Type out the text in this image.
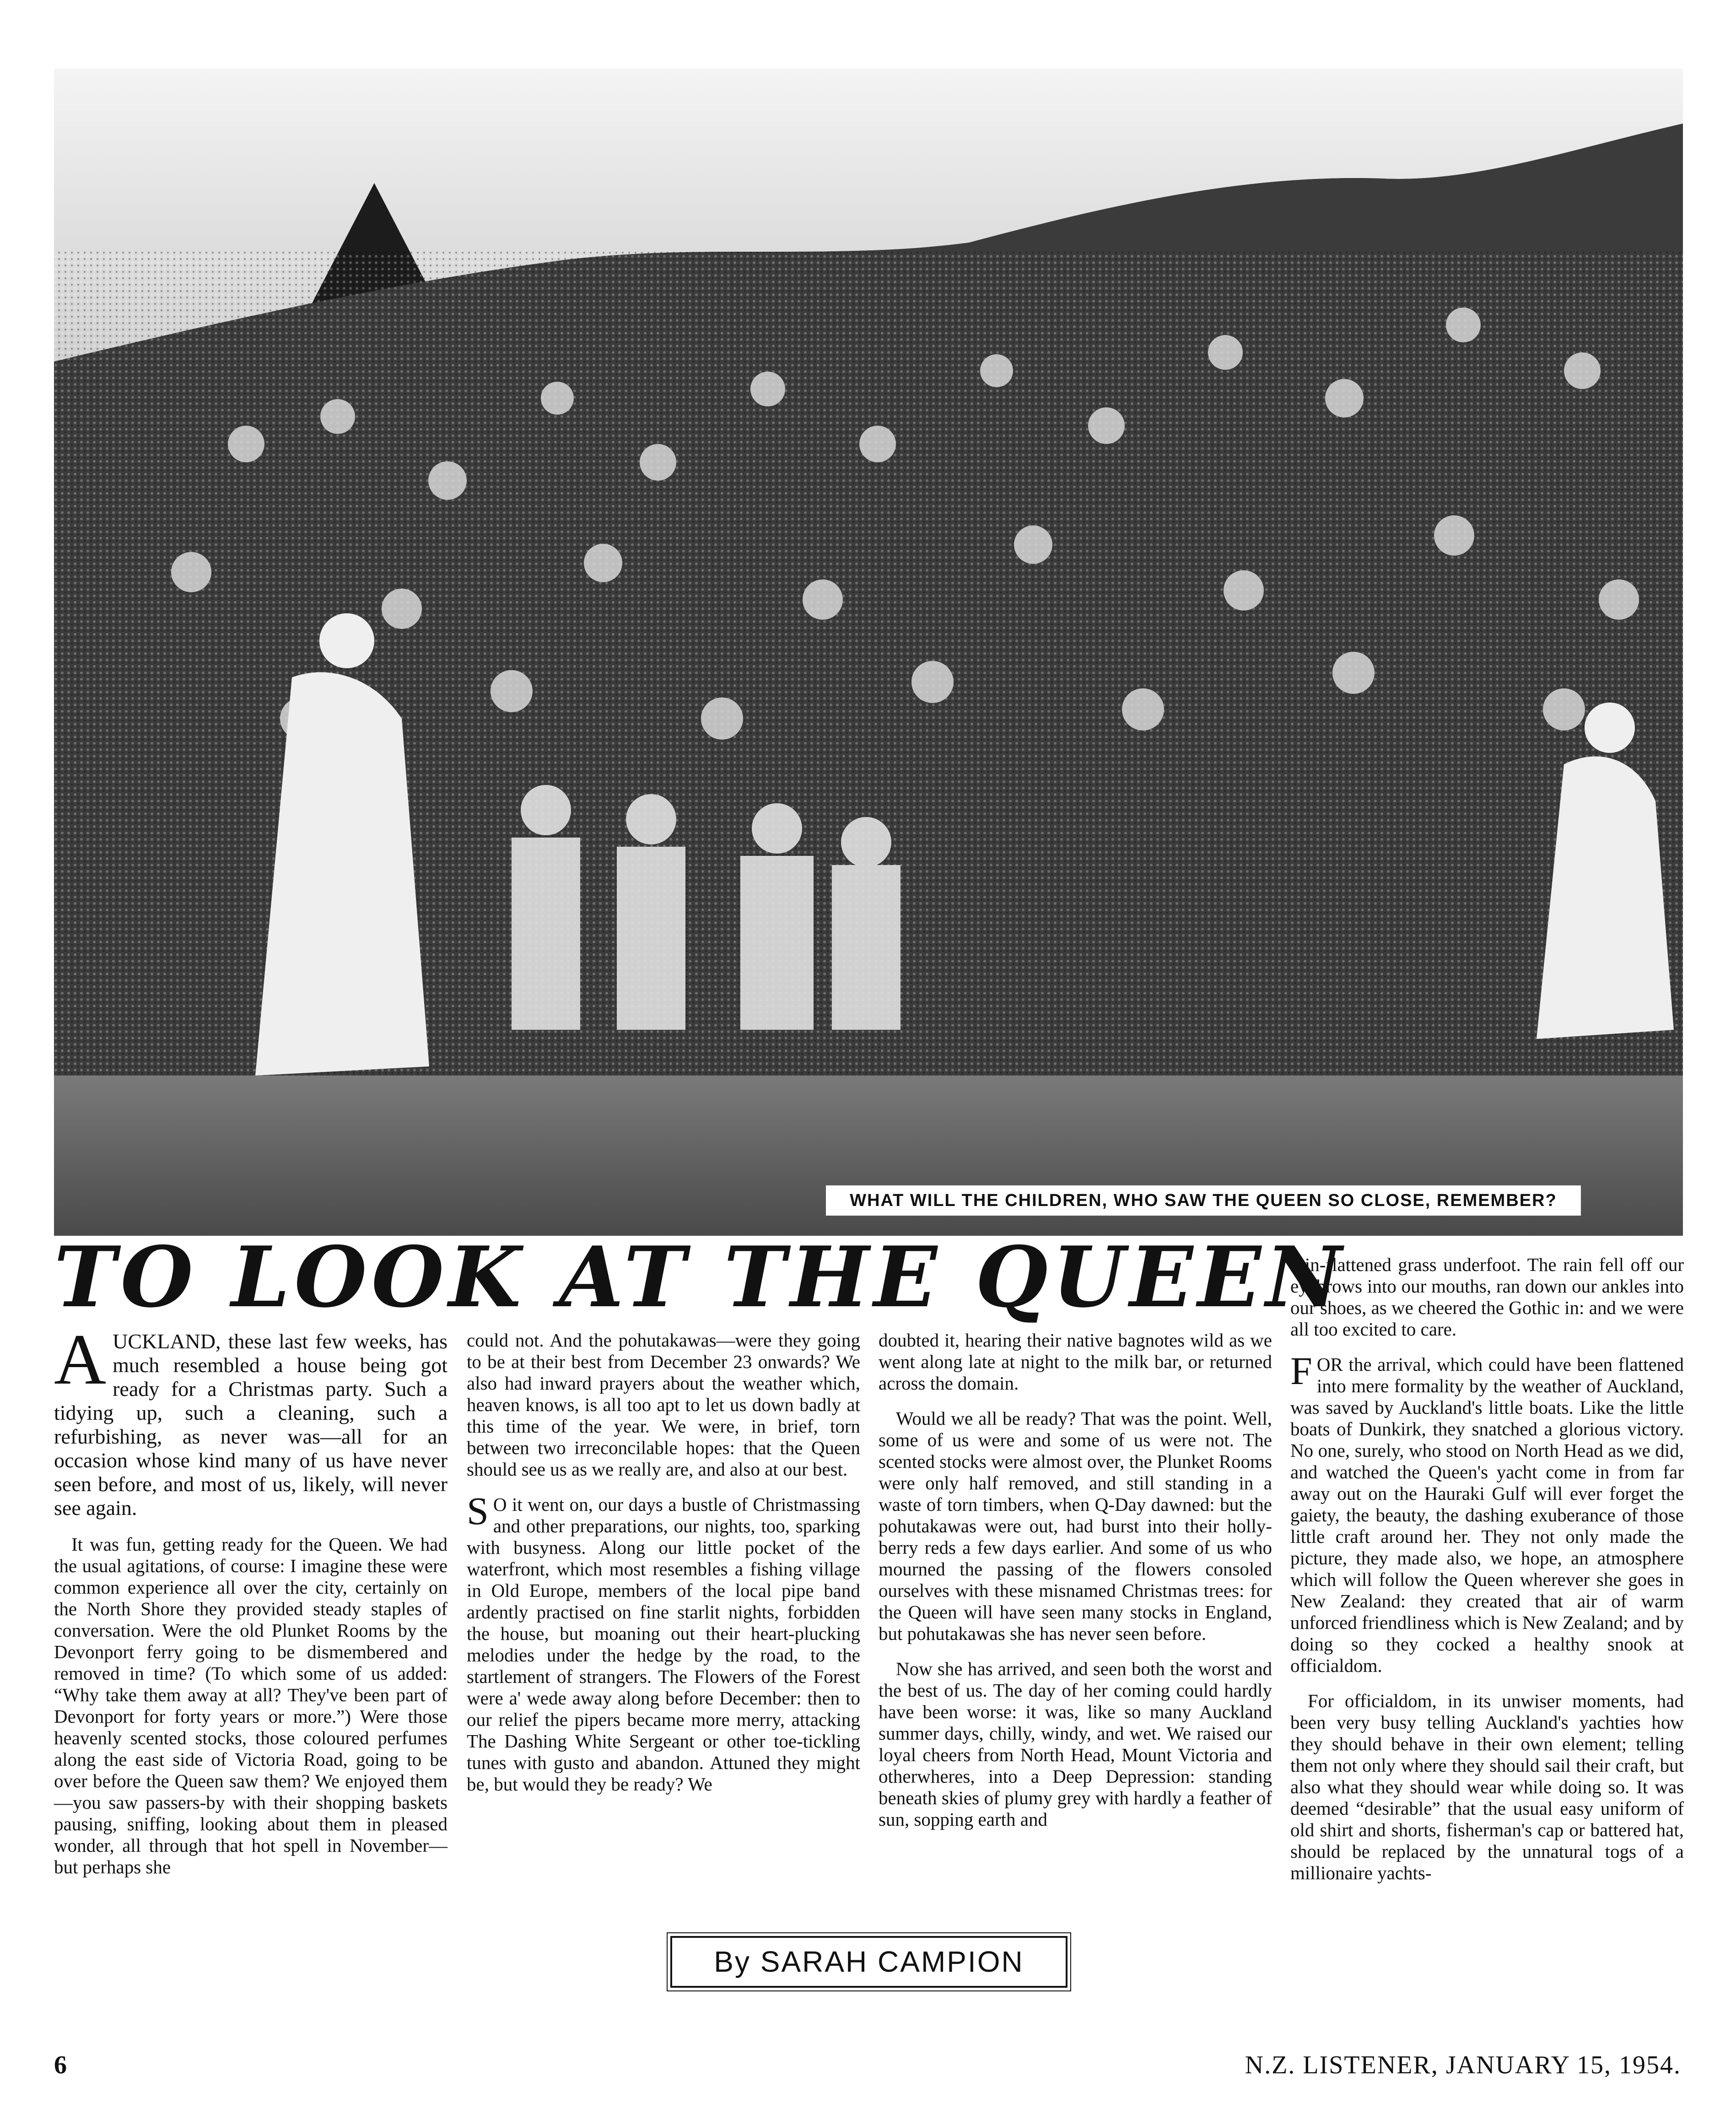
WHAT WILL THE CHILDREN, WHO SAW THE QUEEN SO CLOSE, REMEMBER?
TO LOOK AT THE QUEEN

AUCKLAND, these last few weeks, has much resembled a house being got ready for a Christmas party. Such a tidying up, such a cleaning, such a refurbishing, as never was—all for an occasion whose kind many of us have never seen before, and most of us, likely, will never see again.

It was fun, getting ready for the Queen. We had the usual agitations, of course: I imagine these were common experience all over the city, certainly on the North Shore they provided steady staples of conversation. Were the old Plunket Rooms by the Devonport ferry going to be dismembered and removed in time? (To which some of us added: “Why take them away at all? They've been part of Devonport for forty years or more.”) Were those heavenly scented stocks, those coloured perfumes along the east side of Victoria Road, going to be over before the Queen saw them? We enjoyed them—you saw passers-by with their shopping baskets pausing, sniffing, looking about them in pleased wonder, all through that hot spell in November—but perhaps she

could not. And the pohutakawas—were they going to be at their best from December 23 onwards? We also had inward prayers about the weather which, heaven knows, is all too apt to let us down badly at this time of the year. We were, in brief, torn between two irreconcilable hopes: that the Queen should see us as we really are, and also at our best.

S O it went on, our days a bustle of Christmassing and other preparations, our nights, too, sparking with busyness. Along our little pocket of the waterfront, which most resembles a fishing village in Old Europe, members of the local pipe band ardently practised on fine starlit nights, forbidden the house, but moaning out their heart-plucking melodies under the hedge by the road, to the startlement of strangers. The Flowers of the Forest were a' wede away along before December: then to our relief the pipers became more merry, attacking The Dashing White Sergeant or other toe-tickling tunes with gusto and abandon. Attuned they might be, but would they be ready? We

doubted it, hearing their native bagnotes wild as we went along late at night to the milk bar, or returned across the domain.

Would we all be ready? That was the point. Well, some of us were and some of us were not. The scented stocks were almost over, the Plunket Rooms were only half removed, and still standing in a waste of torn timbers, when Q-Day dawned: but the pohutakawas were out, had burst into their holly-berry reds a few days earlier. And some of us who mourned the passing of the flowers consoled ourselves with these misnamed Christmas trees: for the Queen will have seen many stocks in England, but pohutakawas she has never seen before.

Now she has arrived, and seen both the worst and the best of us. The day of her coming could hardly have been worse: it was, like so many Auckland summer days, chilly, windy, and wet. We raised our loyal cheers from North Head, Mount Victoria and otherwheres, into a Deep Depression: standing beneath skies of plumy grey with hardly a feather of sun, sopping earth and

rain-flattened grass underfoot. The rain fell off our eyebrows into our mouths, ran down our ankles into our shoes, as we cheered the Gothic in: and we were all too excited to care.

FOR the arrival, which could have been flattened into mere formality by the weather of Auckland, was saved by Auckland's little boats. Like the little boats of Dunkirk, they snatched a glorious victory. No one, surely, who stood on North Head as we did, and watched the Queen's yacht come in from far away out on the Hauraki Gulf will ever forget the gaiety, the beauty, the dashing exuberance of those little craft around her. They not only made the picture, they made also, we hope, an atmosphere which will follow the Queen wherever she goes in New Zealand: they created that air of warm unforced friendliness which is New Zealand; and by doing so they cocked a healthy snook at officialdom.

For officialdom, in its unwiser moments, had been very busy telling Auckland's yachties how they should behave in their own element; telling them not only where they should sail their craft, but also what they should wear while doing so. It was deemed “desirable” that the usual easy uniform of old shirt and shorts, fisherman's cap or battered hat, should be replaced by the unnatural togs of a millionaire yachts-

By SARAH CAMPION
6	N.Z. LISTENER, JANUARY 15, 1954.
